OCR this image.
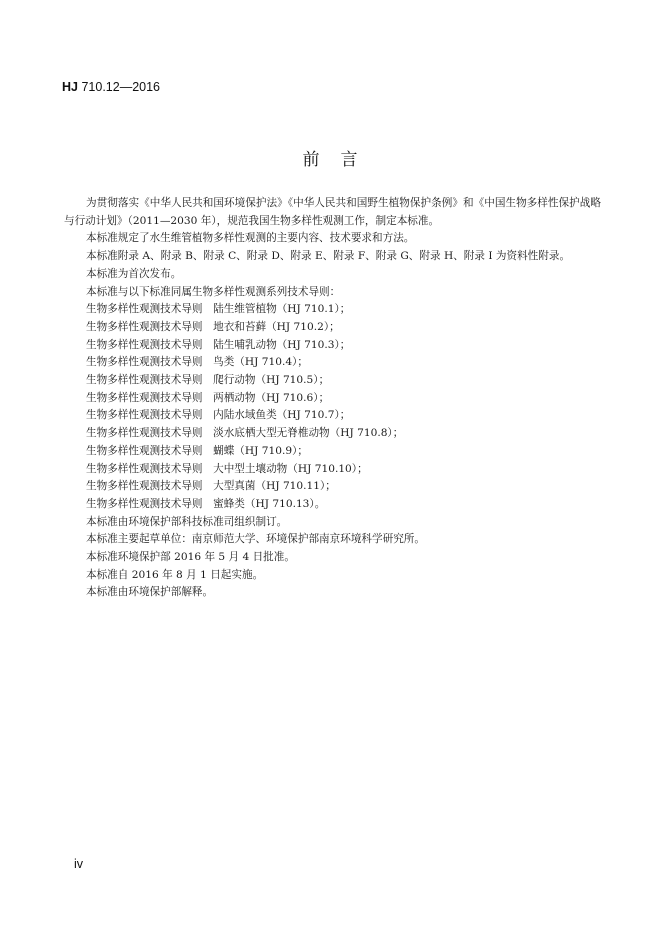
HJ 710.12—2016
前　言

为贯彻落实《中华人民共和国环境保护法》《中华人民共和国野生植物保护条例》和《中国生物多样性保护战略与行动计划》（2011—2030 年），规范我国生物多样性观测工作，制定本标准。

本标准规定了水生维管植物多样性观测的主要内容、技术要求和方法。

本标准附录 A、附录 B、附录 C、附录 D、附录 E、附录 F、附录 G、附录 H、附录 I 为资料性附录。

本标准为首次发布。

本标准与以下标准同属生物多样性观测系列技术导则：

生物多样性观测技术导则　陆生维管植物（HJ 710.1）；

生物多样性观测技术导则　地衣和苔藓（HJ 710.2）；

生物多样性观测技术导则　陆生哺乳动物（HJ 710.3）；

生物多样性观测技术导则　鸟类（HJ 710.4）；

生物多样性观测技术导则　爬行动物（HJ 710.5）；

生物多样性观测技术导则　两栖动物（HJ 710.6）；

生物多样性观测技术导则　内陆水域鱼类（HJ 710.7）；

生物多样性观测技术导则　淡水底栖大型无脊椎动物（HJ 710.8）；

生物多样性观测技术导则　蝴蝶（HJ 710.9）；

生物多样性观测技术导则　大中型土壤动物（HJ 710.10）；

生物多样性观测技术导则　大型真菌（HJ 710.11）；

生物多样性观测技术导则　蜜蜂类（HJ 710.13）。

本标准由环境保护部科技标准司组织制订。

本标准主要起草单位：南京师范大学、环境保护部南京环境科学研究所。

本标准环境保护部 2016 年 5 月 4 日批准。

本标准自 2016 年 8 月 1 日起实施。

本标准由环境保护部解释。

iv
